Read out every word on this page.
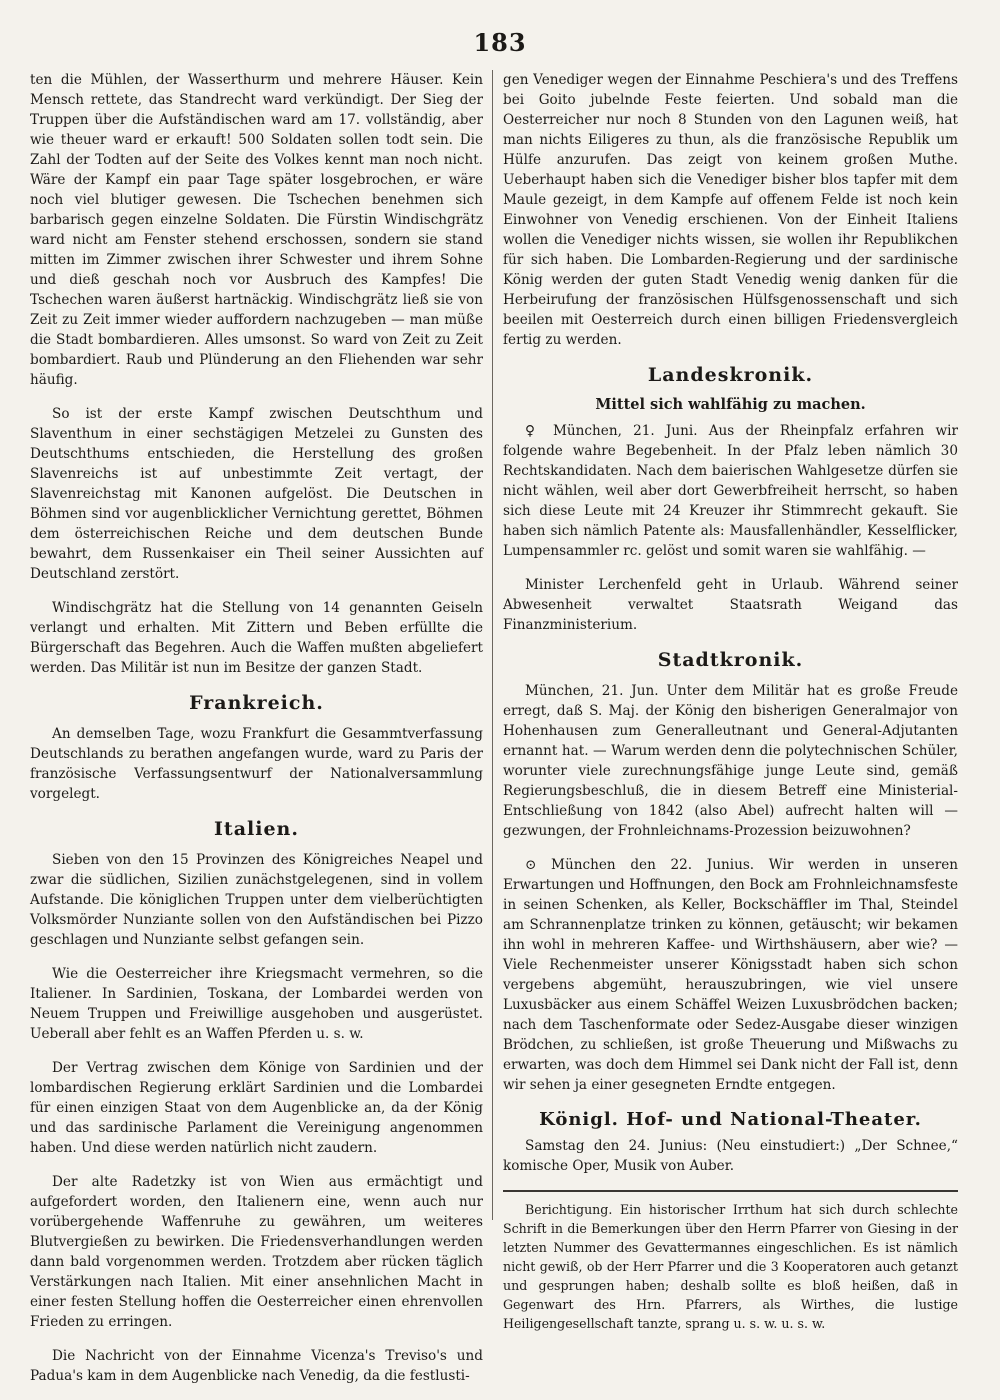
183

ten die Mühlen, der Wasserthurm und mehrere Häuser. Kein Mensch rettete, das Standrecht ward verkündigt. Der Sieg der Truppen über die Aufständischen ward am 17. vollständig, aber wie theuer ward er erkauft! 500 Soldaten sollen todt sein. Die Zahl der Todten auf der Seite des Volkes kennt man noch nicht. Wäre der Kampf ein paar Tage später losgebrochen, er wäre noch viel blutiger gewesen. Die Tschechen benehmen sich barbarisch gegen einzelne Soldaten. Die Fürstin Windischgrätz ward nicht am Fenster stehend erschossen, sondern sie stand mitten im Zimmer zwischen ihrer Schwester und ihrem Sohne und dieß geschah noch vor Ausbruch des Kampfes! Die Tschechen waren äußerst hartnäckig. Windischgrätz ließ sie von Zeit zu Zeit immer wieder auffordern nachzugeben — man müße die Stadt bombardieren. Alles umsonst. So ward von Zeit zu Zeit bombardiert. Raub und Plünderung an den Fliehenden war sehr häufig.

So ist der erste Kampf zwischen Deutschthum und Slaventhum in einer sechstägigen Metzelei zu Gunsten des Deutschthums entschieden, die Herstellung des großen Slavenreichs ist auf unbestimmte Zeit vertagt, der Slavenreichstag mit Kanonen aufgelöst. Die Deutschen in Böhmen sind vor augenblicklicher Vernichtung gerettet, Böhmen dem österreichischen Reiche und dem deutschen Bunde bewahrt, dem Russenkaiser ein Theil seiner Aussichten auf Deutschland zerstört.

Windischgrätz hat die Stellung von 14 genannten Geiseln verlangt und erhalten. Mit Zittern und Beben erfüllte die Bürgerschaft das Begehren. Auch die Waffen mußten abgeliefert werden. Das Militär ist nun im Besitze der ganzen Stadt.

Frankreich.

An demselben Tage, wozu Frankfurt die Gesammtverfassung Deutschlands zu berathen angefangen wurde, ward zu Paris der französische Verfassungsentwurf der Nationalversammlung vorgelegt.

Italien.

Sieben von den 15 Provinzen des Königreiches Neapel und zwar die südlichen, Sizilien zunächstgelegenen, sind in vollem Aufstande. Die königlichen Truppen unter dem vielberüchtigten Volksmörder Nunziante sollen von den Aufständischen bei Pizzo geschlagen und Nunziante selbst gefangen sein.

Wie die Oesterreicher ihre Kriegsmacht vermehren, so die Italiener. In Sardinien, Toskana, der Lombardei werden von Neuem Truppen und Freiwillige ausgehoben und ausgerüstet. Ueberall aber fehlt es an Waffen Pferden u. s. w.

Der Vertrag zwischen dem Könige von Sardinien und der lombardischen Regierung erklärt Sardinien und die Lombardei für einen einzigen Staat von dem Augenblicke an, da der König und das sardinische Parlament die Vereinigung angenommen haben. Und diese werden natürlich nicht zaudern.

Der alte Radetzky ist von Wien aus ermächtigt und aufgefordert worden, den Italienern eine, wenn auch nur vorübergehende Waffenruhe zu gewähren, um weiteres Blutvergießen zu bewirken. Die Friedensverhandlungen werden dann bald vorgenommen werden. Trotzdem aber rücken täglich Verstärkungen nach Italien. Mit einer ansehnlichen Macht in einer festen Stellung hoffen die Oesterreicher einen ehrenvollen Frieden zu erringen.

Die Nachricht von der Einnahme Vicenza's Treviso's und Padua's kam in dem Augenblicke nach Venedig, da die festlusti-

gen Venediger wegen der Einnahme Peschiera's und des Treffens bei Goito jubelnde Feste feierten. Und sobald man die Oesterreicher nur noch 8 Stunden von den Lagunen weiß, hat man nichts Eiligeres zu thun, als die französische Republik um Hülfe anzurufen. Das zeigt von keinem großen Muthe. Ueberhaupt haben sich die Venediger bisher blos tapfer mit dem Maule gezeigt, in dem Kampfe auf offenem Felde ist noch kein Einwohner von Venedig erschienen. Von der Einheit Italiens wollen die Venediger nichts wissen, sie wollen ihr Republikchen für sich haben. Die Lombarden-Regierung und der sardinische König werden der guten Stadt Venedig wenig danken für die Herbeirufung der französischen Hülfsgenossenschaft und sich beeilen mit Oesterreich durch einen billigen Friedensvergleich fertig zu werden.

Landeskronik.
Mittel sich wahlfähig zu machen.

♀ München, 21. Juni. Aus der Rheinpfalz erfahren wir folgende wahre Begebenheit. In der Pfalz leben nämlich 30 Rechtskandidaten. Nach dem baierischen Wahlgesetze dürfen sie nicht wählen, weil aber dort Gewerbfreiheit herrscht, so haben sich diese Leute mit 24 Kreuzer ihr Stimmrecht gekauft. Sie haben sich nämlich Patente als: Mausfallenhändler, Kesselflicker, Lumpensammler rc. gelöst und somit waren sie wahlfähig. —

Minister Lerchenfeld geht in Urlaub. Während seiner Abwesenheit verwaltet Staatsrath Weigand das Finanzministerium.

Stadtkronik.

München, 21. Jun. Unter dem Militär hat es große Freude erregt, daß S. Maj. der König den bisherigen Generalmajor von Hohenhausen zum Generalleutnant und General-Adjutanten ernannt hat. — Warum werden denn die polytechnischen Schüler, worunter viele zurechnungsfähige junge Leute sind, gemäß Regierungsbeschluß, die in diesem Betreff eine Ministerial-Entschließung von 1842 (also Abel) aufrecht halten will — gezwungen, der Frohnleichnams-Prozession beizuwohnen?

⊙ München den 22. Junius. Wir werden in unseren Erwartungen und Hoffnungen, den Bock am Frohnleichnamsfeste in seinen Schenken, als Keller, Bockschäffler im Thal, Steindel am Schrannenplatze trinken zu können, getäuscht; wir bekamen ihn wohl in mehreren Kaffee- und Wirthshäusern, aber wie? — Viele Rechenmeister unserer Königsstadt haben sich schon vergebens abgemüht, herauszubringen, wie viel unsere Luxusbäcker aus einem Schäffel Weizen Luxusbrödchen backen; nach dem Taschenformate oder Sedez-Ausgabe dieser winzigen Brödchen, zu schließen, ist große Theuerung und Mißwachs zu erwarten, was doch dem Himmel sei Dank nicht der Fall ist, denn wir sehen ja einer gesegneten Erndte entgegen.

Königl. Hof- und National-Theater.

Samstag den 24. Junius: (Neu einstudiert:) „Der Schnee,“ komische Oper, Musik von Auber.

Berichtigung. Ein historischer Irrthum hat sich durch schlechte Schrift in die Bemerkungen über den Herrn Pfarrer von Giesing in der letzten Nummer des Gevattermannes eingeschlichen. Es ist nämlich nicht gewiß, ob der Herr Pfarrer und die 3 Kooperatoren auch getanzt und gesprungen haben; deshalb sollte es bloß heißen, daß in Gegenwart des Hrn. Pfarrers, als Wirthes, die lustige Heiligengesellschaft tanzte, sprang u. s. w. u. s. w.
